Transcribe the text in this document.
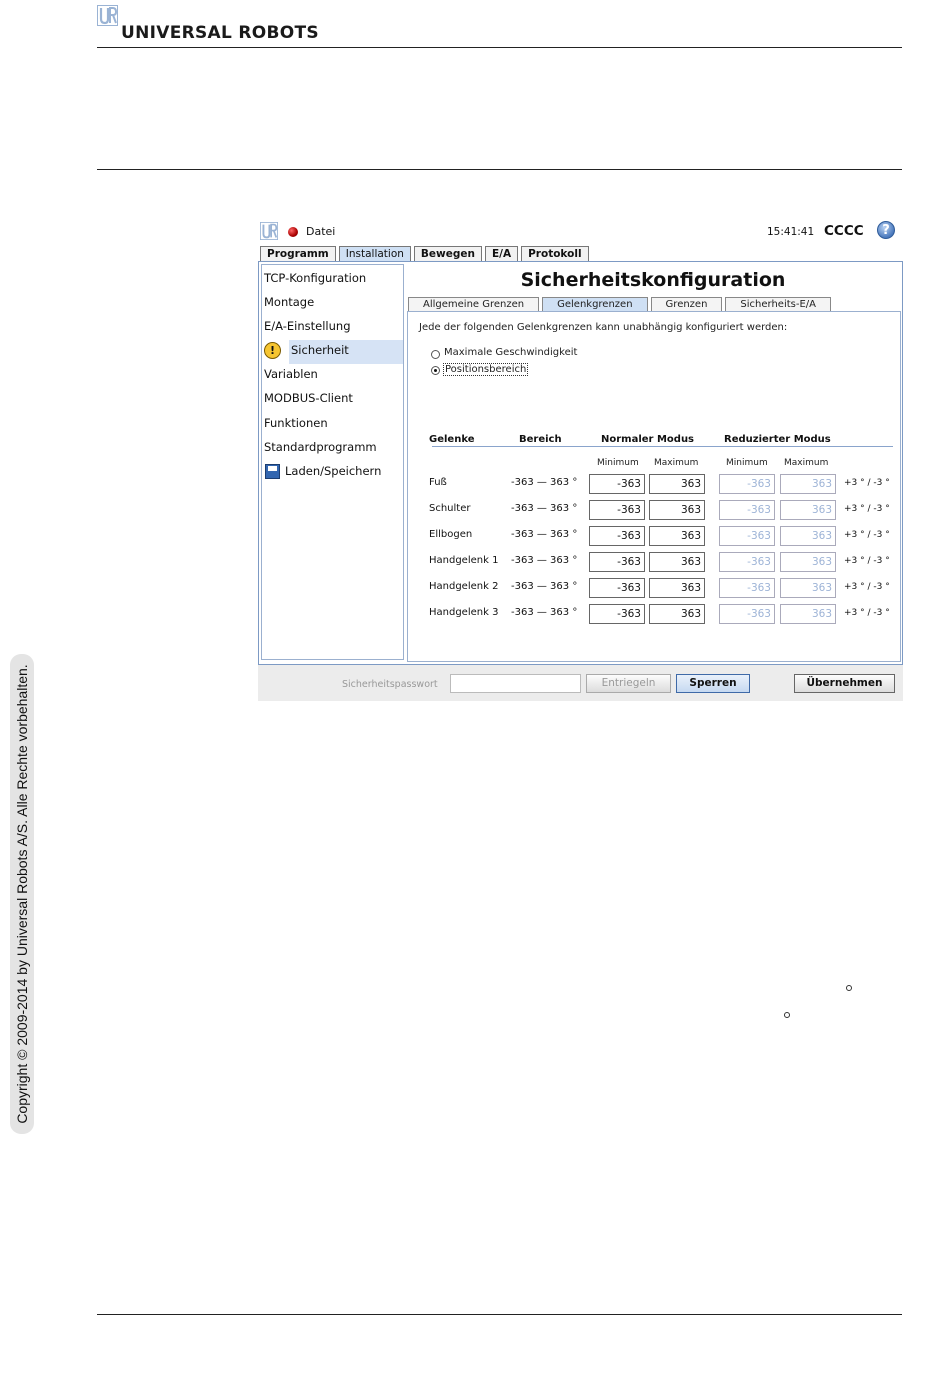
UNIVERSAL ROBOTS
Copyright © 2009-2014 by Universal Robots A/S. Alle Rechte vorbehalten.
Datei	15:41:41 CCCC	?
Programm	Installation	Bewegen	E/A	Protokoll
TCP-Konfiguration
Montage
E/A-Einstellung
!	Sicherheit
Variablen
MODBUS-Client
Funktionen
Standardprogramm
Laden/Speichern
Sicherheitskonfiguration
Allgemeine Grenzen	Gelenkgrenzen	Grenzen	Sicherheits-E/A
Jede der folgenden Gelenkgrenzen kann unabhängig konfiguriert werden:
Maximale Geschwindigkeit
Positionsbereich
Gelenke	Bereich	Normaler Modus	Reduzierter Modus
Minimum Maximum	Minimum Maximum
Fuß	-363 — 363 °	-363	363	-363	363	+3 ° / -3 °
Schulter	-363 — 363 °	-363	363	-363	363	+3 ° / -3 °
Ellbogen	-363 — 363 °	-363	363	-363	363	+3 ° / -3 °
Handgelenk 1 -363 — 363 °	-363	363	-363	363	+3 ° / -3 °
Handgelenk 2 -363 — 363 °	-363	363	-363	363	+3 ° / -3 °
Handgelenk 3 -363 — 363 °	-363	363	-363	363	+3 ° / -3 °
Sicherheitspasswort	Entriegeln	Sperren	Übernehmen
